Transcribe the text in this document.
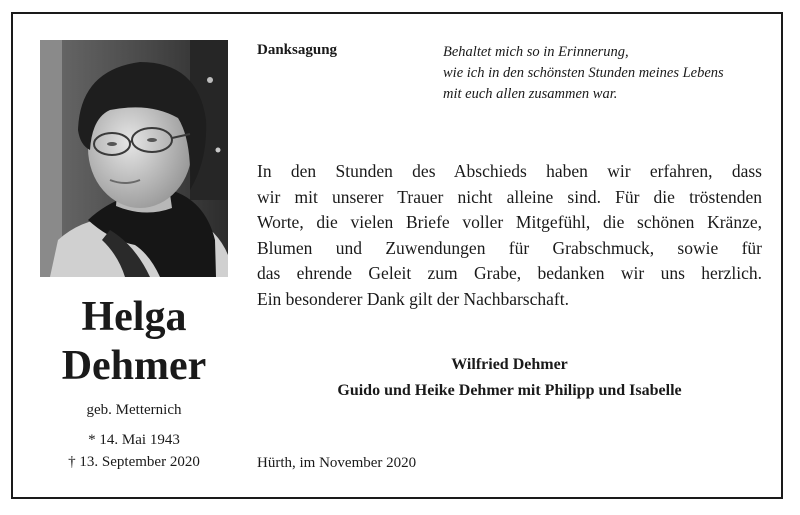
Helga
Dehmer
geb. Metternich
* 14. Mai 1943
† 13. September 2020
Danksagung	Behaltet mich so in Erinnerung,
wie ich in den schönsten Stunden meines Lebens
mit euch allen zusammen war.
In den Stunden des Abschieds haben wir erfahren, dass
wir mit unserer Trauer nicht alleine sind. Für die tröstenden
Worte, die vielen Briefe voller Mitgefühl, die schönen Kränze,
Blumen und Zuwendungen für Grabschmuck, sowie für
das ehrende Geleit zum Grabe, bedanken wir uns herzlich.
Ein besonderer Dank gilt der Nachbarschaft.
Wilfried Dehmer
Guido und Heike Dehmer mit Philipp und Isabelle
Hürth, im November 2020
